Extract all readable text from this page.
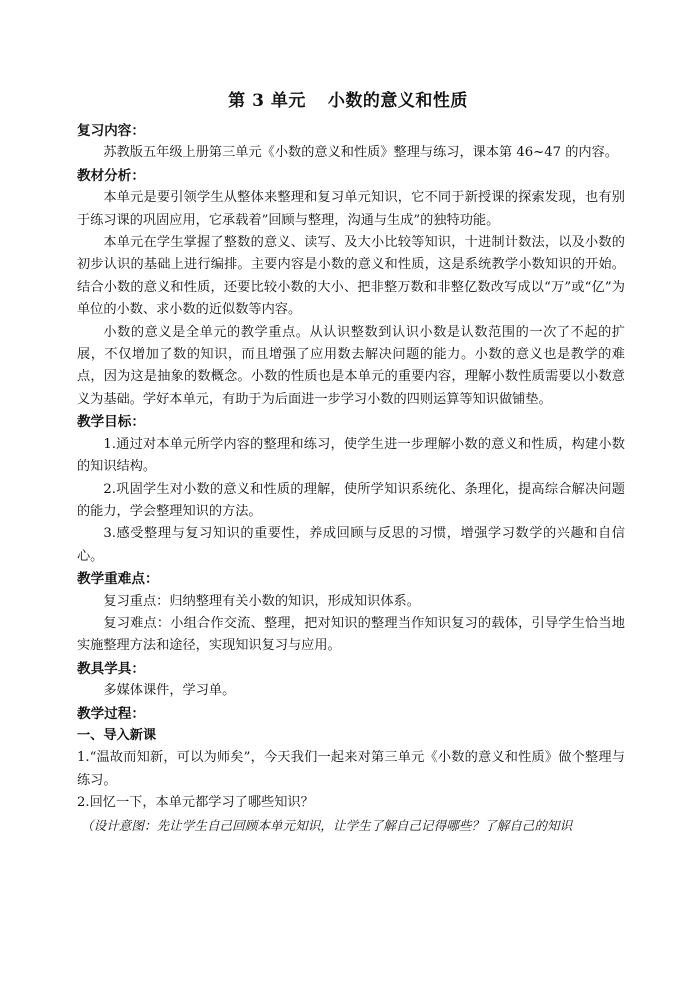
第 3 单元 小数的意义和性质

复习内容：

苏教版五年级上册第三单元《小数的意义和性质》整理与练习，课本第 46~47 的内容。

教材分析：

本单元是要引领学生从整体来整理和复习单元知识，它不同于新授课的探索发现，也有别于练习课的巩固应用，它承载着”回顾与整理，沟通与生成”的独特功能。

本单元在学生掌握了整数的意义、读写、及大小比较等知识，十进制计数法，以及小数的初步认识的基础上进行编排。主要内容是小数的意义和性质，这是系统教学小数知识的开始。结合小数的意义和性质，还要比较小数的大小、把非整万数和非整亿数改写成以“万”或“亿”为单位的小数、求小数的近似数等内容。

小数的意义是全单元的教学重点。从认识整数到认识小数是认数范围的一次了不起的扩展，不仅增加了数的知识，而且增强了应用数去解决问题的能力。小数的意义也是教学的难点，因为这是抽象的数概念。小数的性质也是本单元的重要内容，理解小数性质需要以小数意义为基础。学好本单元，有助于为后面进一步学习小数的四则运算等知识做铺垫。

教学目标：

1.通过对本单元所学内容的整理和练习，使学生进一步理解小数的意义和性质，构建小数的知识结构。

2.巩固学生对小数的意义和性质的理解，使所学知识系统化、条理化，提高综合解决问题的能力，学会整理知识的方法。

3.感受整理与复习知识的重要性，养成回顾与反思的习惯，增强学习数学的兴趣和自信心。

教学重难点：

复习重点：归纳整理有关小数的知识，形成知识体系。

复习难点：小组合作交流、整理，把对知识的整理当作知识复习的载体，引导学生恰当地实施整理方法和途径，实现知识复习与应用。

教具学具：

多媒体课件，学习单。

教学过程：

一、导入新课

1.“温故而知新，可以为师矣”，今天我们一起来对第三单元《小数的意义和性质》做个整理与练习。

2.回忆一下，本单元都学习了哪些知识？

（设计意图：先让学生自己回顾本单元知识，让学生了解自己记得哪些？了解自己的知识
